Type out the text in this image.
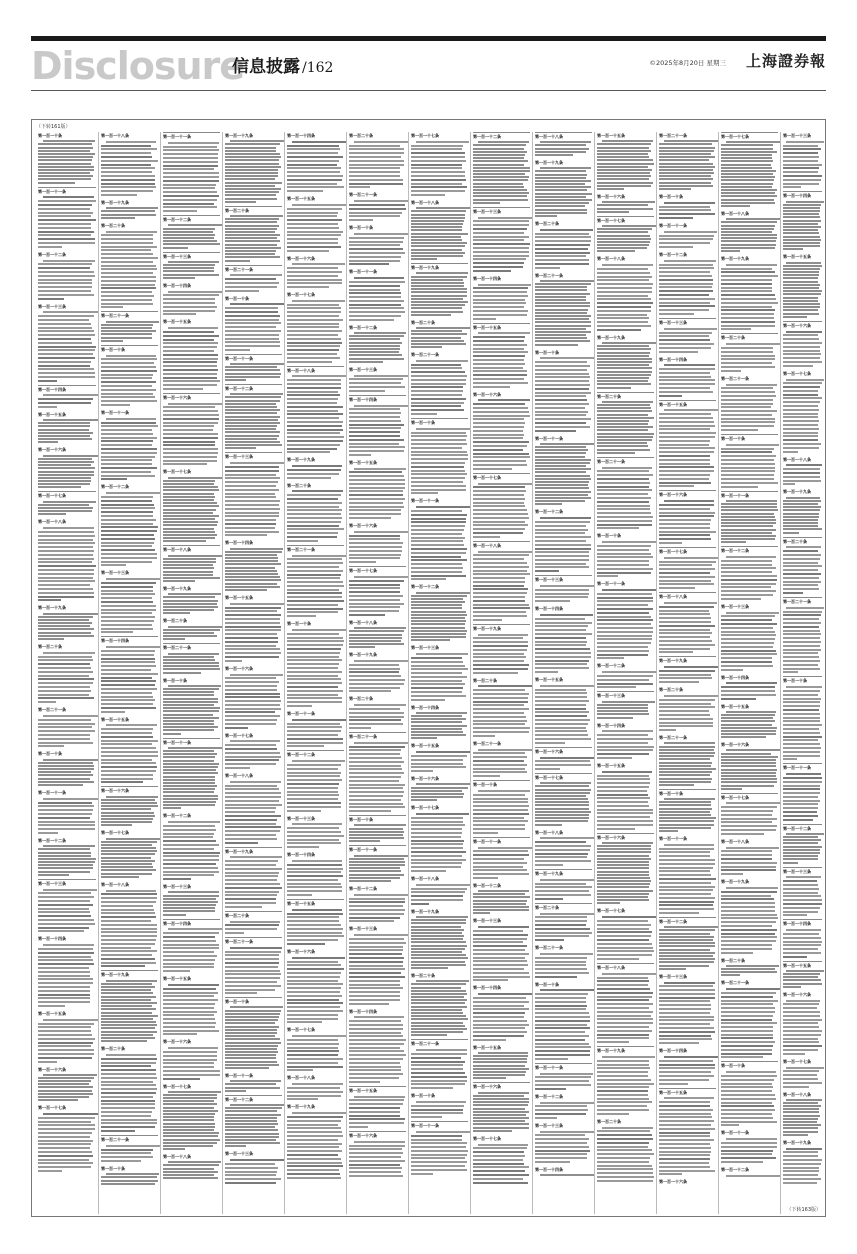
Disclosure
信息披露 /162	©2025年8月20日 星期三 上海證券報
（下转161版）
第一百一十条
第一百一十一条
第一百一十二条
第一百一十三条
第一百一十四条
第一百一十五条
第一百一十六条
第一百一十七条
第一百一十八条
第一百一十九条
第一百二十条
第一百二十一条
第一百一十条
第一百一十一条
第一百一十二条
第一百一十三条
第一百一十四条
第一百一十五条
第一百一十六条
第一百一十七条
第一百一十八条
第一百一十九条
第一百二十条
第一百二十一条
第一百一十条
第一百一十一条
第一百一十二条
第一百一十三条
第一百一十四条
第一百一十五条
第一百一十六条
第一百一十七条
第一百一十八条
第一百一十九条
第一百二十条
第一百二十一条
第一百一十条
第一百一十一条
第一百一十二条
第一百一十三条
第一百一十四条
第一百一十五条
第一百一十六条
第一百一十七条
第一百一十八条
第一百一十九条
第一百二十条
第一百二十一条
第一百一十条
第一百一十一条
第一百一十二条
第一百一十三条
第一百一十四条
第一百一十五条
第一百一十六条
第一百一十七条
第一百一十八条
第一百一十九条
第一百二十条
第一百二十一条
第一百一十条
第一百一十一条
第一百一十二条
第一百一十三条
第一百一十四条
第一百一十五条
第一百一十六条
第一百一十七条
第一百一十八条
第一百一十九条
第一百二十条
第一百二十一条
第一百一十条
第一百一十一条
第一百一十二条
第一百一十三条
第一百一十四条
第一百一十五条
第一百一十六条
第一百一十七条
第一百一十八条
第一百一十九条
第一百二十条
第一百二十一条
第一百一十条
第一百一十一条
第一百一十二条
第一百一十三条
第一百一十四条
第一百一十五条
第一百一十六条
第一百一十七条
第一百一十八条
第一百一十九条
第一百二十条
第一百二十一条
第一百一十条
第一百一十一条
第一百一十二条
第一百一十三条
第一百一十四条
第一百一十五条
第一百一十六条
第一百一十七条
第一百一十八条
第一百一十九条
第一百二十条
第一百二十一条
第一百一十条
第一百一十一条
第一百一十二条
第一百一十三条
第一百一十四条
第一百一十五条
第一百一十六条
第一百一十七条
第一百一十八条
第一百一十九条
第一百二十条
第一百二十一条
第一百一十条
第一百一十一条
第一百一十二条
第一百一十三条
第一百一十四条
第一百一十五条
第一百一十六条
第一百一十七条
第一百一十八条
第一百一十九条
第一百二十条
第一百二十一条
第一百一十条
第一百一十一条
第一百一十二条
第一百一十三条
第一百一十四条
第一百一十五条
第一百一十六条
第一百一十七条
第一百一十八条
第一百一十九条
第一百二十条
第一百二十一条
第一百一十条
第一百一十一条
第一百一十二条
第一百一十三条
第一百一十四条
第一百一十五条
第一百一十六条
第一百一十七条
第一百一十八条
第一百一十九条
第一百二十条
第一百二十一条
第一百一十条
第一百一十一条
第一百一十二条
第一百一十三条
第一百一十四条
第一百一十五条
第一百一十六条
第一百一十七条
第一百一十八条
第一百一十九条
第一百二十条
第一百二十一条
第一百一十条
第一百一十一条
第一百一十二条
第一百一十三条
第一百一十四条
第一百一十五条
第一百一十六条
第一百一十七条
第一百一十八条
第一百一十九条
第一百二十条
第一百二十一条
第一百一十条
第一百一十一条
第一百一十二条
第一百一十三条
第一百一十四条
第一百一十五条
第一百一十六条
第一百一十七条
第一百一十八条
第一百一十九条
第一百二十条
第一百二十一条
第一百一十条
第一百一十一条
第一百一十二条
第一百一十三条
第一百一十四条
第一百一十五条
第一百一十六条
第一百一十七条
第一百一十八条
第一百一十九条
第一百二十条
第一百二十一条
第一百一十条
第一百一十一条
第一百一十二条
第一百一十三条
第一百一十四条
第一百一十五条
第一百一十六条
第一百一十七条
第一百一十八条
第一百一十九条
第一百二十条
第一百二十一条
第一百一十条
第一百一十一条
第一百一十二条
第一百一十三条
第一百一十四条
第一百一十五条
第一百一十六条
第一百一十七条
第一百一十八条
第一百一十九条
第一百二十条
第一百二十一条
第一百一十条
第一百一十一条
第一百一十二条
第一百一十三条
第一百一十四条
第一百一十五条
第一百一十六条
第一百一十七条
第一百一十八条
第一百一十九条
第一百二十条
第一百二十一条
第一百一十条
第一百一十一条
第一百一十二条
第一百一十三条
第一百一十四条
第一百一十五条
第一百一十六条
第一百一十七条
第一百一十八条
第一百一十九条
（下转163版）
